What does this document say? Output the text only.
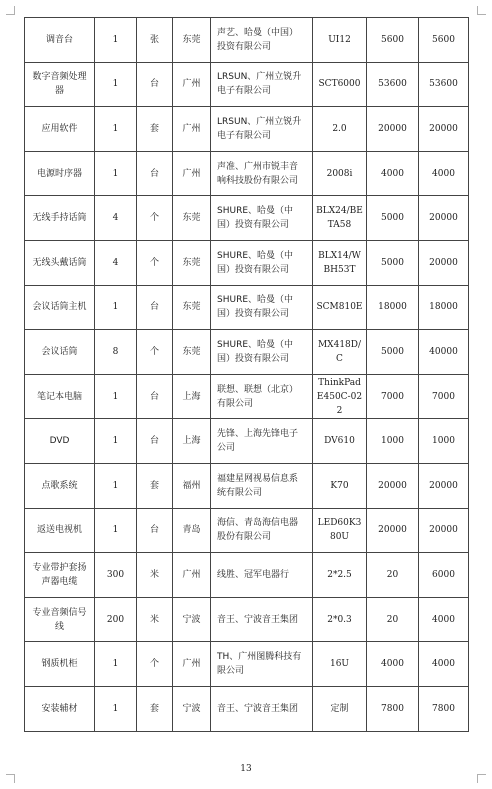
调音台	1	张	东莞	声艺、哈曼（中国）投资有限公司	UI12	5600	5600
数字音频处理器	1	台	广州	LRSUN、广州立锐升电子有限公司	SCT6000	53600	53600
应用软件	1	套	广州	LRSUN、广州立锐升电子有限公司	2.0	20000	20000
电源时序器	1	台	广州	声准、广州市锐丰音响科技股份有限公司	2008i	4000	4000
无线手持话筒	4	个	东莞	SHURE、哈曼（中国）投资有限公司	BLX24/BETA58	5000	20000
无线头戴话筒	4	个	东莞	SHURE、哈曼（中国）投资有限公司	BLX14/WBH53T	5000	20000
会议话筒主机	1	台	东莞	SHURE、哈曼（中国）投资有限公司	SCM810E	18000	18000
会议话筒	8	个	东莞	SHURE、哈曼（中国）投资有限公司	MX418D/C	5000	40000
笔记本电脑	1	台	上海	联想、联想（北京）有限公司	ThinkPad E450C-022	7000	7000
DVD	1	台	上海	先锋、上海先锋电子公司	DV610	1000	1000
点歌系统	1	套	福州	福建星网视易信息系统有限公司	K70	20000	20000
返送电视机	1	台	青岛	海信、青岛海信电器股份有限公司	LED60K380U	20000	20000
专业带护套扬声器电缆	300	米	广州	线胜、冠军电器行	2*2.5	20	6000
专业音频信号线	200	米	宁波	音王、宁波音王集团	2*0.3	20	4000
钢质机柜	1	个	广州	TH、广州图腾科技有限公司	16U	4000	4000
安装辅材	1	套	宁波	音王、宁波音王集团	定制	7800	7800
13
